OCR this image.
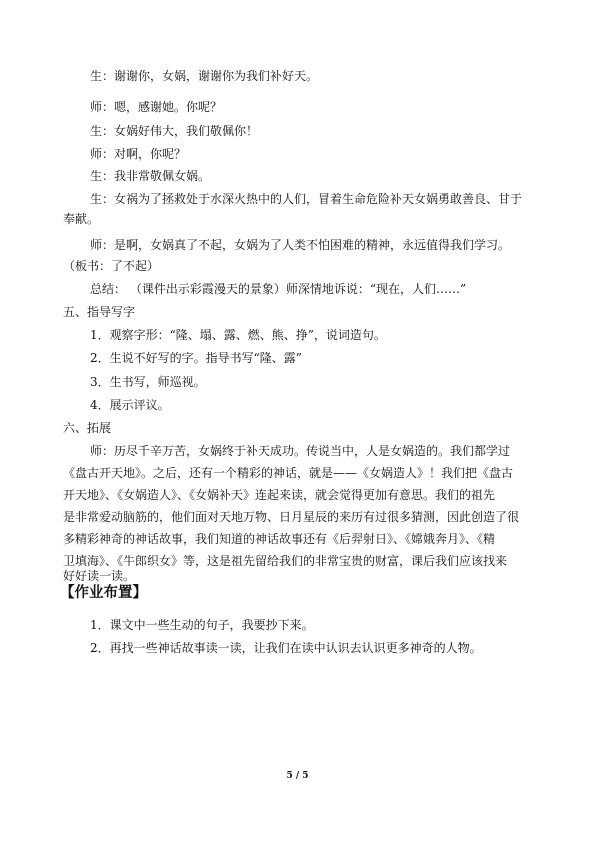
生：谢谢你，女娲，谢谢你为我们补好天。
师：嗯，感谢她。你呢？
生：女娲好伟大，我们敬佩你！
师：对啊，你呢？
生：我非常敬佩女娲。
生：女祸为了拯救处于水深火热中的人们，冒着生命危险补天女娲勇敢善良、甘于
奉献。
师：是啊，女娲真了不起，女娲为了人类不怕困难的精神，永远值得我们学习。
（板书：了不起）
总结： （课件出示彩霞漫天的景象）师深情地诉说：“现在，人们……”
五、指导写字
1．观察字形：“隆、塌、露、燃、熊、挣”，说词造句。
2．生说不好写的字。指导书写“隆、露”
3．生书写，师巡视。
4．展示评议。
六、拓展
师：历尽千辛万苦，女娲终于补天成功。传说当中，人是女娲造的。我们都学过
《盘古开天地》。之后，还有一个精彩的神话，就是——《女娲造人》！我们把《盘古
开天地》、《女娲造人》、《女娲补天》连起来读，就会觉得更加有意思。我们的祖先
是非常爱动脑筋的，他们面对天地万物、日月星辰的来历有过很多猜测，因此创造了很
多精彩神奇的神话故事，我们知道的神话故事还有《后羿射日》、《嫦娥奔月》、《精
卫填海》、《牛郎织女》等，这是祖先留给我们的非常宝贵的财富，课后我们应该找来
【作业布置】
1．课文中一些生动的句子，我要抄下来。
2．再找一些神话故事读一读，让我们在读中认识去认识更多神奇的人物。
5 / 5
好好读一读。
